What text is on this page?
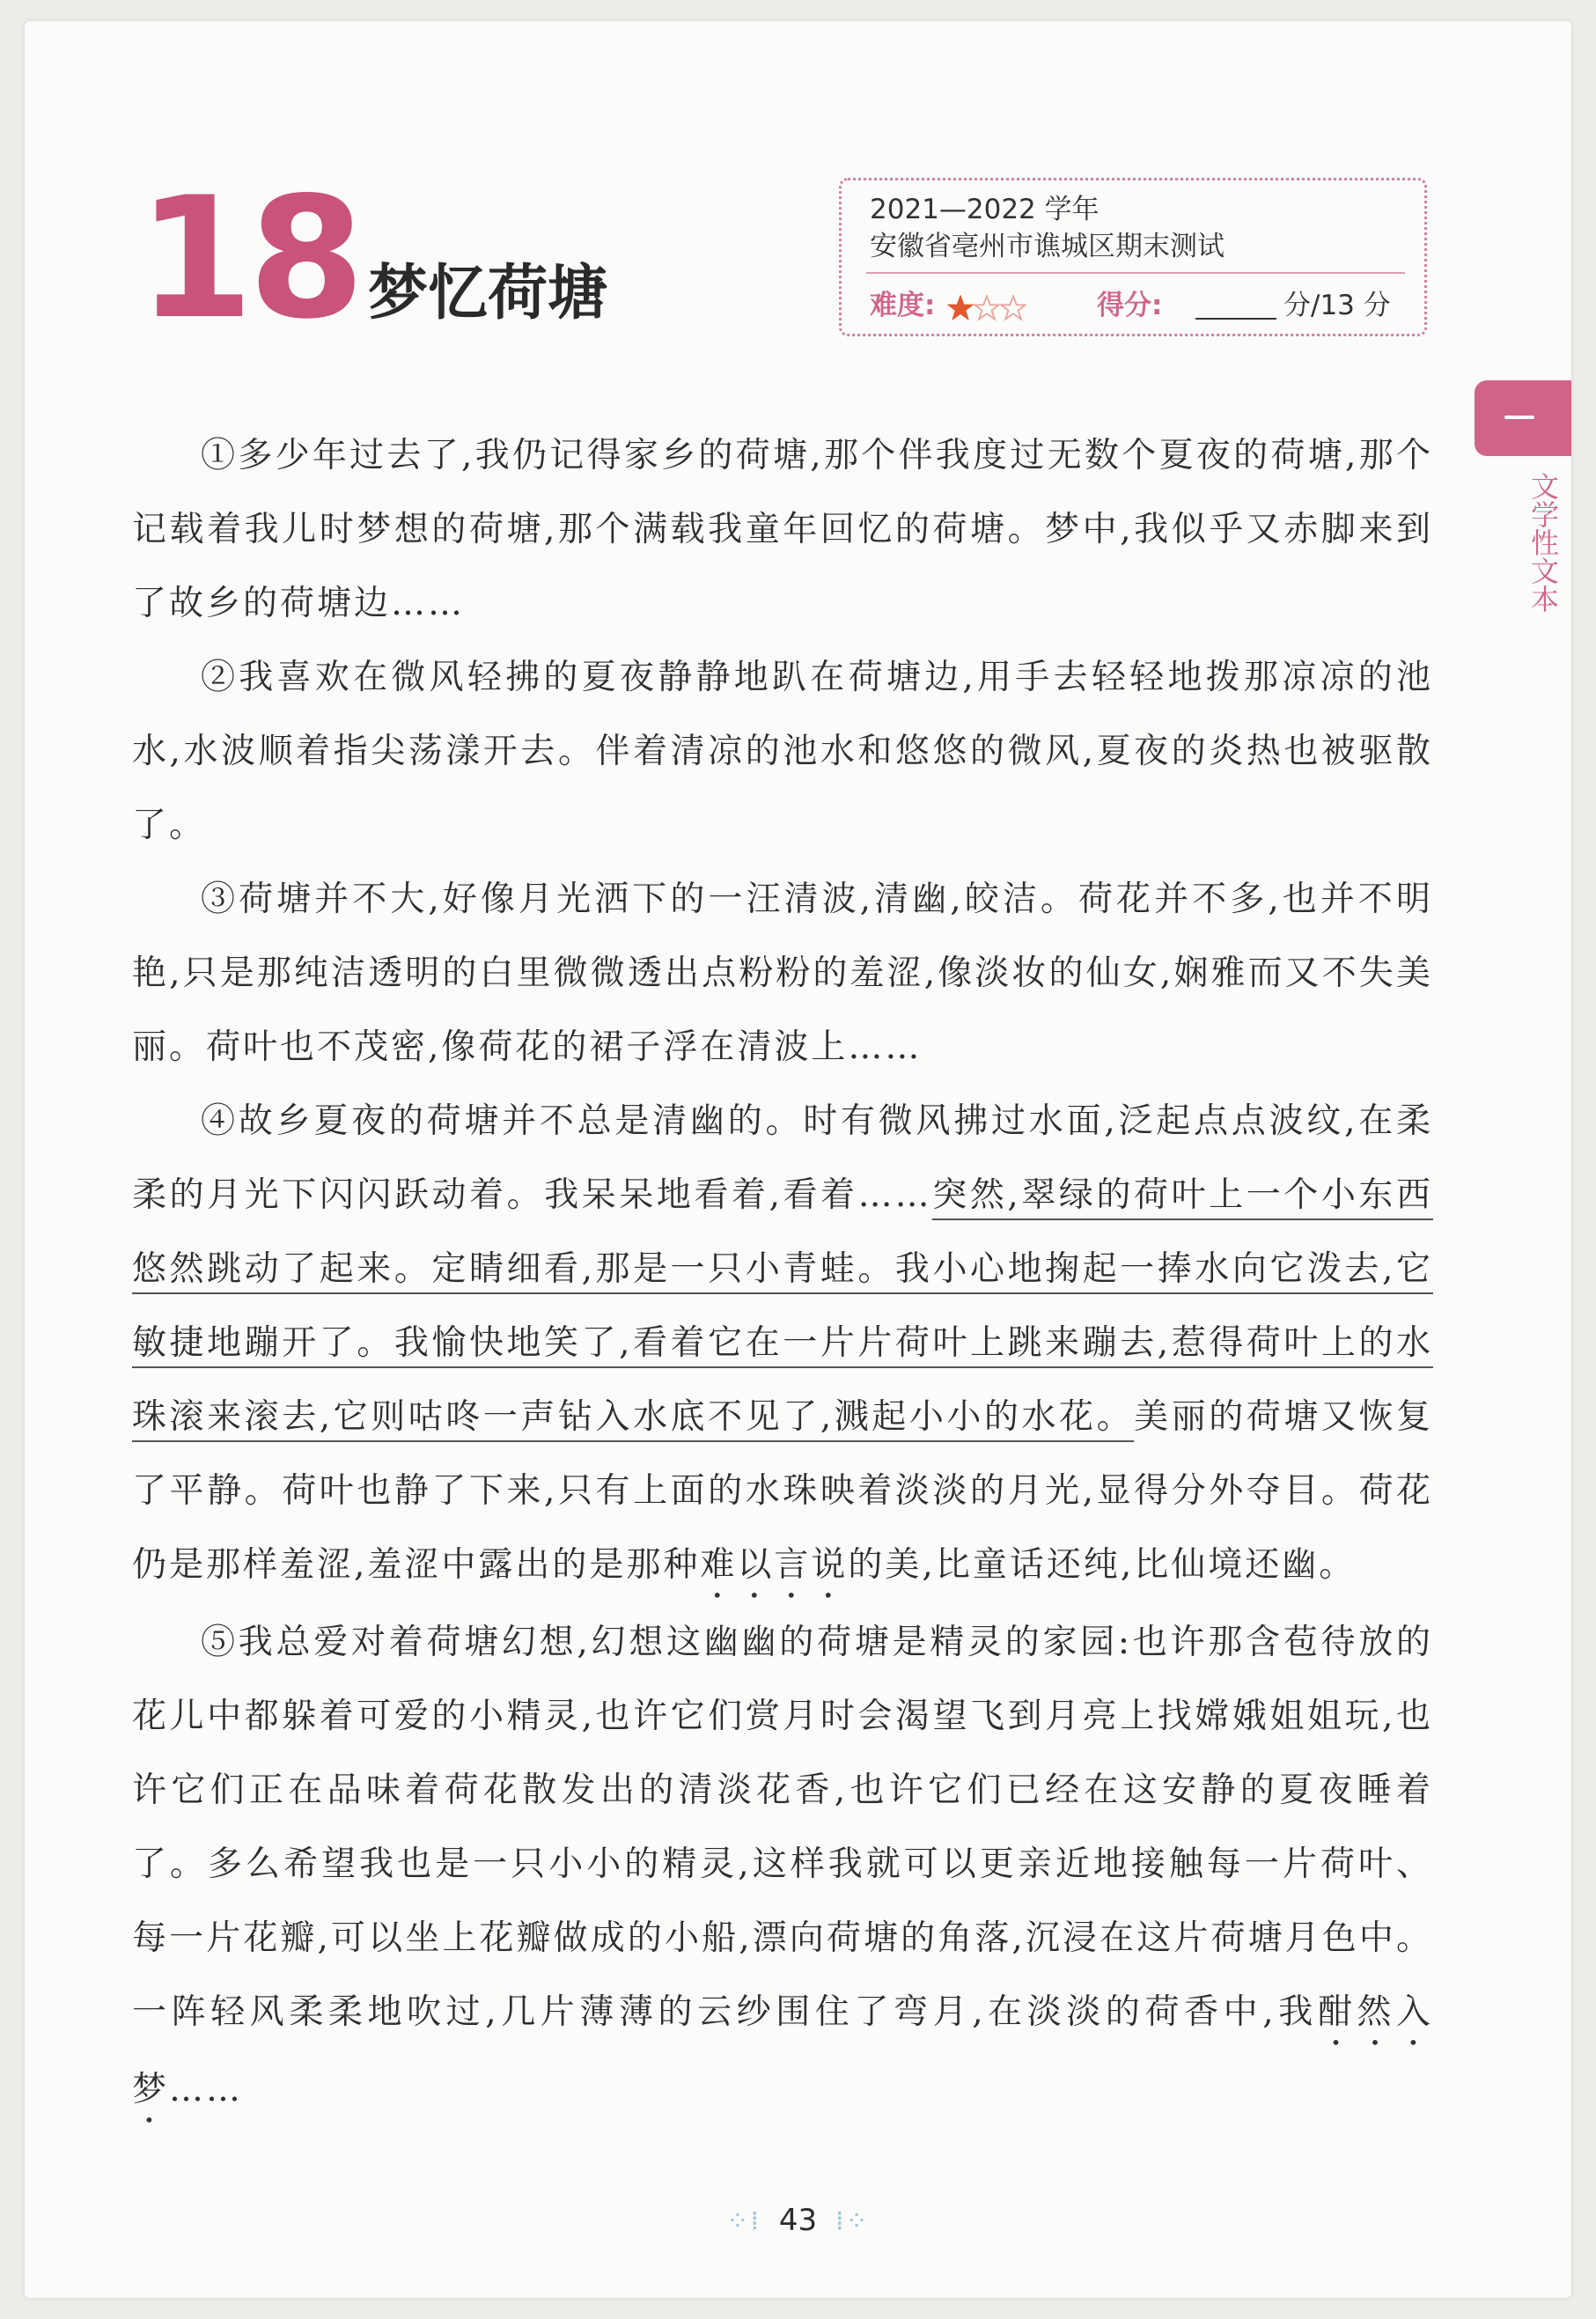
18 梦忆荷塘
2021—2022 学年
安徽省亳州市谯城区期末测试
难度:	得分:	分/13 分
文学性文本

①多少年过去了,我仍记得家乡的荷塘,那个伴我度过无数个夏夜的荷塘,那个记载着我儿时梦想的荷塘,那个满载我童年回忆的荷塘。梦中,我似乎又赤脚来到了故乡的荷塘边……

②我喜欢在微风轻拂的夏夜静静地趴在荷塘边,用手去轻轻地拨那凉凉的池水,水波顺着指尖荡漾开去。伴着清凉的池水和悠悠的微风,夏夜的炎热也被驱散了。

③荷塘并不大,好像月光洒下的一汪清波,清幽,皎洁。荷花并不多,也并不明艳,只是那纯洁透明的白里微微透出点粉粉的羞涩,像淡妆的仙女,娴雅而又不失美丽。荷叶也不茂密,像荷花的裙子浮在清波上……

④故乡夏夜的荷塘并不总是清幽的。时有微风拂过水面,泛起点点波纹,在柔柔的月光下闪闪跃动着。我呆呆地看着,看着……突然,翠绿的荷叶上一个小东西悠然跳动了起来。定睛细看,那是一只小青蛙。我小心地掬起一捧水向它泼去,它敏捷地蹦开了。我愉快地笑了,看着它在一片片荷叶上跳来蹦去,惹得荷叶上的水珠滚来滚去,它则咕咚一声钻入水底不见了,溅起小小的水花。美丽的荷塘又恢复了平静。荷叶也静了下来,只有上面的水珠映着淡淡的月光,显得分外夺目。荷花仍是那样羞涩,羞涩中露出的是那种难以言说的美,比童话还纯,比仙境还幽。

⑤我总爱对着荷塘幻想,幻想这幽幽的荷塘是精灵的家园:也许那含苞待放的花儿中都躲着可爱的小精灵,也许它们赏月时会渴望飞到月亮上找嫦娥姐姐玩,也许它们正在品味着荷花散发出的清淡花香,也许它们已经在这安静的夏夜睡着了。多么希望我也是一只小小的精灵,这样我就可以更亲近地接触每一片荷叶、每一片花瓣,可以坐上花瓣做成的小船,漂向荷塘的角落,沉浸在这片荷塘月色中。一阵轻风柔柔地吹过,几片薄薄的云纱围住了弯月,在淡淡的荷香中,我酣然入梦……

⁘⁞ 43 ⁞⁘
